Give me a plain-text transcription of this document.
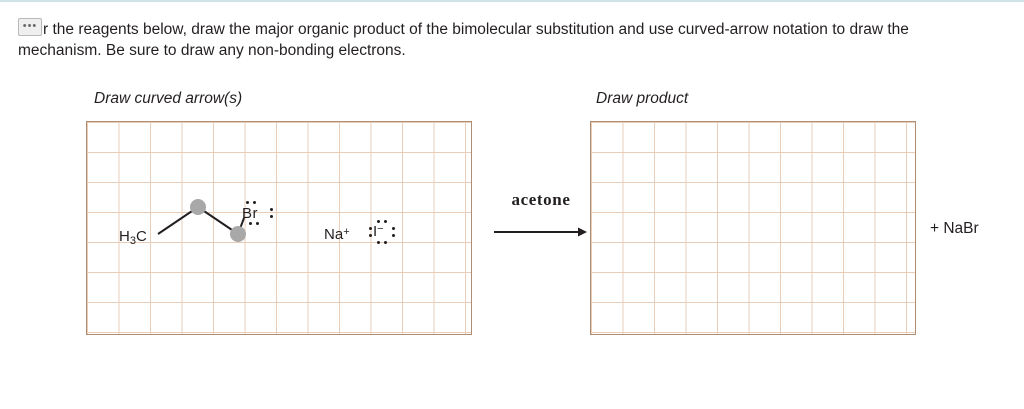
••• r the reagents below, draw the major organic product of the bimolecular substitution and use curved-arrow notation to draw the mechanism. Be sure to draw any non-bonding electrons.
Draw curved arrow(s)	Draw product
$H_3C$
Br
Na+ I−
acetone
+ NaBr
